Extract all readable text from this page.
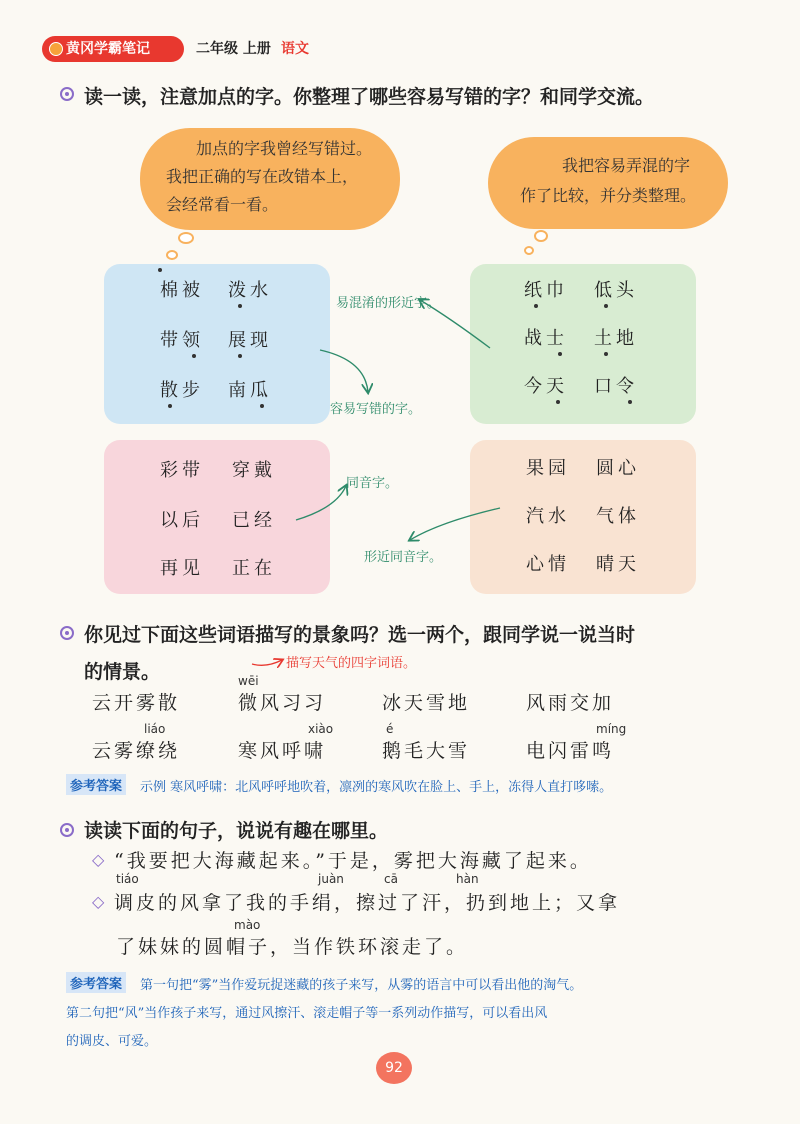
黄冈学霸笔记	二年级 上册 语文
读一读，注意加点的字。你整理了哪些容易写错的字？和同学交流。
加点的字我曾经写错过。
我把正确的写在改错本上，
会经常看一看。
我把容易弄混的字
作了比较，并分类整理。
棉被 泼水
带领 展现
散步 南瓜
纸巾 低头
战士 土地
今天 口令
彩带 穿戴
以后 已经
再见 正在
果园 圆心
汽水 气体
心情 晴天
易混淆的形近字。
容易写错的字。
同音字。
形近同音字。
你见过下面这些词语描写的景象吗？选一两个，跟同学说一说当时
的情景。	描写天气的四字词语。
wēi
云开雾散	微风习习	冰天雪地	风雨交加
liáo	xiào	é	míng
云雾缭绕	寒风呼啸	鹅毛大雪	电闪雷鸣
参考答案	示例 寒风呼啸：北风呼呼地吹着，凛冽的寒风吹在脸上、手上，冻得人直打哆嗦。
读读下面的句子，说说有趣在哪里。
◇ “我要把大海藏起来。”于是，雾把大海藏了起来。
tiáo	juàn	cā	hàn
◇ 调皮的风拿了我的手绢，擦过了汗，扔到地上；又拿
mào
了妹妹的圆帽子，当作铁环滚走了。
参考答案	第一句把“雾”当作爱玩捉迷藏的孩子来写，从雾的语言中可以看出他的淘气。
第二句把“风”当作孩子来写，通过风擦汗、滚走帽子等一系列动作描写，可以看出风
的调皮、可爱。
92
